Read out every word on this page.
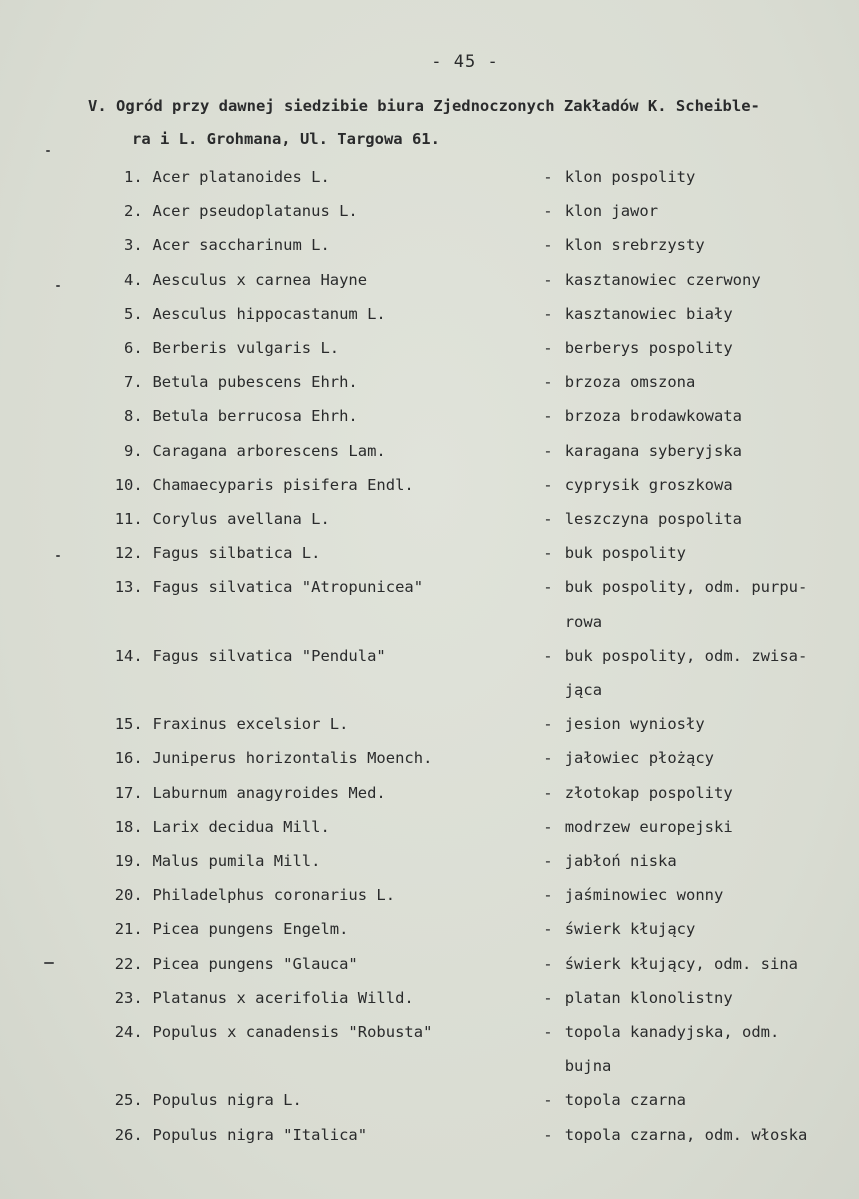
- 45 -
V. Ogród przy dawnej siedzibie biura Zjednoczonych Zakładów K. Scheible-
ra i L. Grohmana, Ul. Targowa 61.
1. Acer platanoides L.	- klon pospolity
2. Acer pseudoplatanus L.	- klon jawor
3. Acer saccharinum L.	- klon srebrzysty
4. Aesculus x carnea Hayne	- kasztanowiec czerwony
5. Aesculus hippocastanum L.	- kasztanowiec biały
6. Berberis vulgaris L.	- berberys pospolity
7. Betula pubescens Ehrh.	- brzoza omszona
8. Betula berrucosa Ehrh.	- brzoza brodawkowata
9. Caragana arborescens Lam.	- karagana syberyjska
10. Chamaecyparis pisifera Endl.	- cyprysik groszkowa
11. Corylus avellana L.	- leszczyna pospolita
12. Fagus silbatica L.	- buk pospolity
13. Fagus silvatica "Atropunicea"	- buk pospolity, odm. purpu-
rowa
14. Fagus silvatica "Pendula"	- buk pospolity, odm. zwisa-
jąca
15. Fraxinus excelsior L.	- jesion wyniosły
16. Juniperus horizontalis Moench.	- jałowiec płożący
17. Laburnum anagyroides Med.	- złotokap pospolity
18. Larix decidua Mill.	- modrzew europejski
19. Malus pumila Mill.	- jabłoń niska
20. Philadelphus coronarius L.	- jaśminowiec wonny
21. Picea pungens Engelm.	- świerk kłujący
22. Picea pungens "Glauca"	- świerk kłujący, odm. sina
23. Platanus x acerifolia Willd.	- platan klonolistny
24. Populus x canadensis "Robusta"	- topola kanadyjska, odm.
bujna
25. Populus nigra L.	- topola czarna
26. Populus nigra "Italica"	- topola czarna, odm. włoska
